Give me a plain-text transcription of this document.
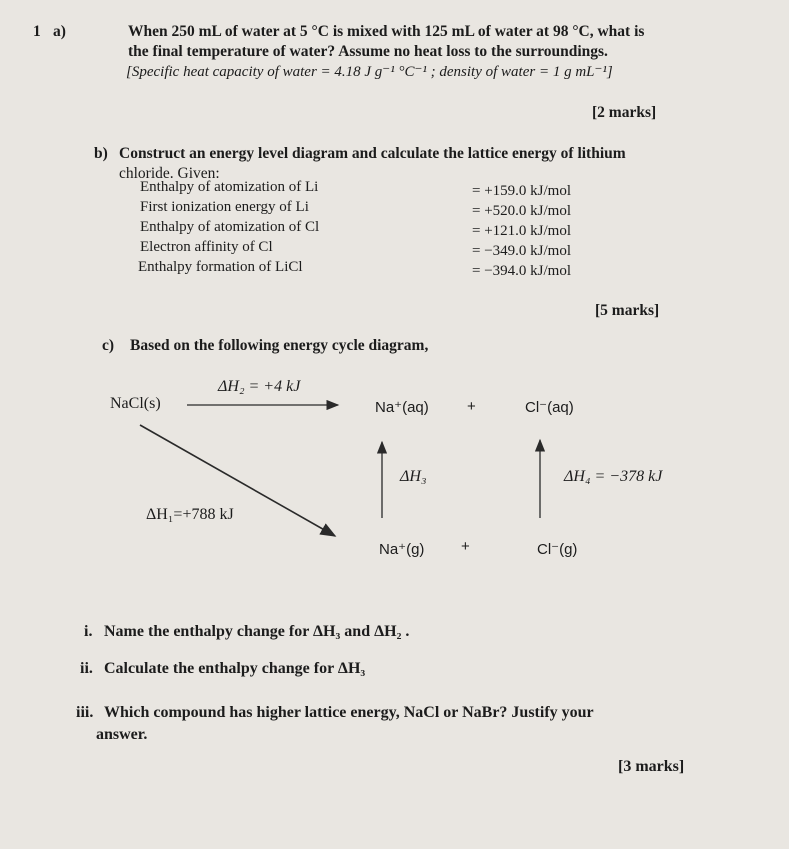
1 a)	When 250 mL of water at 5 °C is mixed with 125 mL of water at 98 °C, what is
the final temperature of water? Assume no heat loss to the surroundings.
[Specific heat capacity of water = 4.18 J g⁻¹ °C⁻¹ ; density of water = 1 g mL⁻¹]
[2 marks]
b) Construct an energy level diagram and calculate the lattice energy of lithium
chloride. Given:
Enthalpy of atomization of Li	= +159.0 kJ/mol
First ionization energy of Li	= +520.0 kJ/mol
Enthalpy of atomization of Cl	= +121.0 kJ/mol
Electron affinity of Cl	= −349.0 kJ/mol
Enthalpy formation of LiCl	= −394.0 kJ/mol
[5 marks]
c) Based on the following energy cycle diagram,
NaCl(s)
ΔH₂ = +4 kJ
Na⁺(aq)	+	Cl⁻(aq)
ΔH₃	ΔH₄ = −378 kJ
ΔH₁=+788 kJ
Na⁺(g) +	Cl⁻(g)
i. Name the enthalpy change for ΔH₃ and ΔH₂ .
ii. Calculate the enthalpy change for ΔH₃
iii. Which compound has higher lattice energy, NaCl or NaBr? Justify your
answer.
[3 marks]
